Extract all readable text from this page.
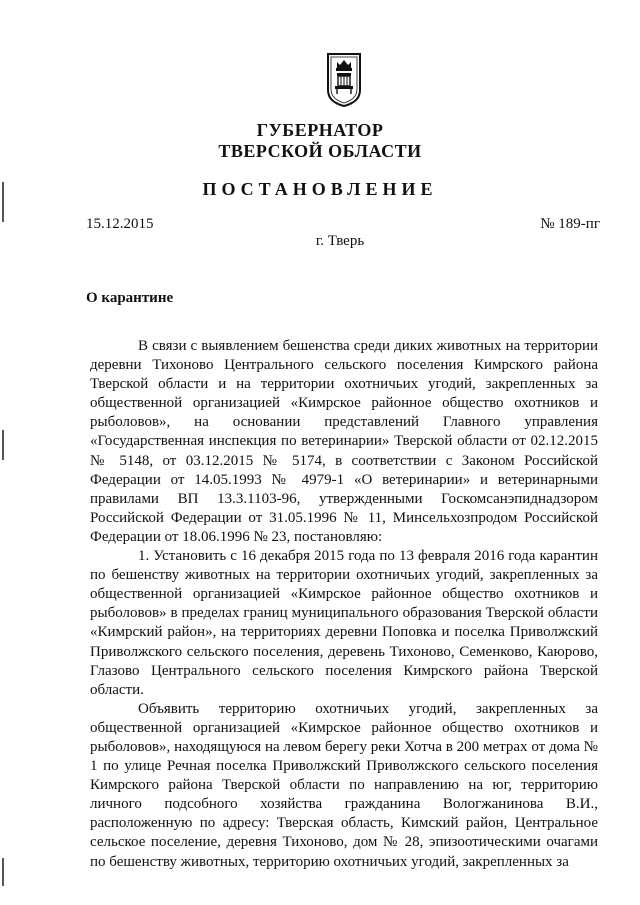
ГУБЕРНАТОР
ТВЕРСКОЙ ОБЛАСТИ
ПОСТАНОВЛЕНИЕ
15.12.2015	№ 189-пг
г. Тверь
О карантине

В связи с выявлением бешенства среди диких животных на территории деревни Тихоново Центрального сельского поселения Кимрского района Тверской области и на территории охотничьих угодий, закрепленных за общественной организацией «Кимрское районное общество охотников и рыболовов», на основании представлений Главного управления «Государственная инспекция по ветеринарии» Тверской области от 02.12.2015 № 5148, от 03.12.2015 № 5174, в соответствии с Законом Российской Федерации от 14.05.1993 № 4979-1 «О ветеринарии» и ветеринарными правилами ВП 13.3.1103-96, утвержденными Госкомсанэпиднадзором Российской Федерации от 31.05.1996 № 11, Минсельхозпродом Российской Федерации от 18.06.1996 № 23, постановляю:

1. Установить с 16 декабря 2015 года по 13 февраля 2016 года карантин по бешенству животных на территории охотничьих угодий, закрепленных за общественной организацией «Кимрское районное общество охотников и рыболовов» в пределах границ муниципального образования Тверской области «Кимрский район», на территориях деревни Поповка и поселка Приволжский Приволжского сельского поселения, деревень Тихоново, Семенково, Каюрово, Глазово Центрального сельского поселения Кимрского района Тверской области.

Объявить территорию охотничьих угодий, закрепленных за общественной организацией «Кимрское районное общество охотников и рыболовов», находящуюся на левом берегу реки Хотча в 200 метрах от дома № 1 по улице Речная поселка Приволжский Приволжского сельского поселения Кимрского района Тверской области по направлению на юг, территорию личного подсобного хозяйства гражданина Вологжанинова В.И., расположенную по адресу: Тверская область, Кимский район, Центральное сельское поселение, деревня Тихоново, дом № 28, эпизоотическими очагами по бешенству животных, территорию охотничьих угодий, закрепленных за
